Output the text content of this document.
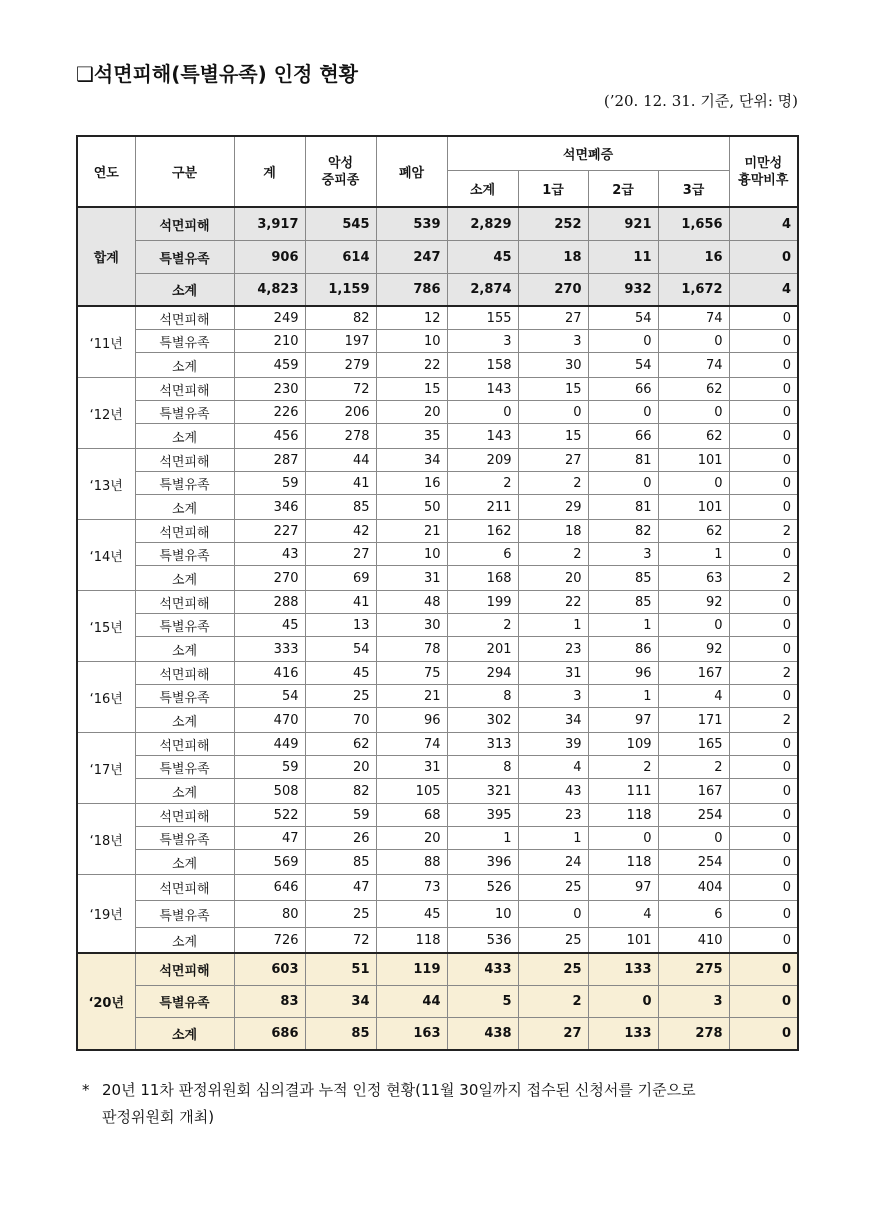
❑석면피해(특별유족) 인정 현황
(’20. 12. 31. 기준, 단위: 명)
연도	구분	계	악성
중피종	폐암	석면폐증				미만성
흉막비후
					소계	1급	2급	3급	
합계	석면피해	3,917	545	539	2,829	252	921	1,656	4
	특별유족	906	614	247	45	18	11	16	0
	소계	4,823	1,159	786	2,874	270	932	1,672	4
‘11년	석면피해	249	82	12	155	27	54	74	0
	특별유족	210	197	10	3	3	0	0	0
	소계	459	279	22	158	30	54	74	0
‘12년	석면피해	230	72	15	143	15	66	62	0
	특별유족	226	206	20	0	0	0	0	0
	소계	456	278	35	143	15	66	62	0
‘13년	석면피해	287	44	34	209	27	81	101	0
	특별유족	59	41	16	2	2	0	0	0
	소계	346	85	50	211	29	81	101	0
‘14년	석면피해	227	42	21	162	18	82	62	2
	특별유족	43	27	10	6	2	3	1	0
	소계	270	69	31	168	20	85	63	2
‘15년	석면피해	288	41	48	199	22	85	92	0
	특별유족	45	13	30	2	1	1	0	0
	소계	333	54	78	201	23	86	92	0
‘16년	석면피해	416	45	75	294	31	96	167	2
	특별유족	54	25	21	8	3	1	4	0
	소계	470	70	96	302	34	97	171	2
‘17년	석면피해	449	62	74	313	39	109	165	0
	특별유족	59	20	31	8	4	2	2	0
	소계	508	82	105	321	43	111	167	0
‘18년	석면피해	522	59	68	395	23	118	254	0
	특별유족	47	26	20	1	1	0	0	0
	소계	569	85	88	396	24	118	254	0
‘19년	석면피해	646	47	73	526	25	97	404	0
	특별유족	80	25	45	10	0	4	6	0
	소계	726	72	118	536	25	101	410	0
‘20년	석면피해	603	51	119	433	25	133	275	0
	특별유족	83	34	44	5	2	0	3	0
	소계	686	85	163	438	27	133	278	0
* 20년 11차 판정위원회 심의결과 누적 인정 현황(11월 30일까지 접수된 신청서를 기준으로
판정위원회 개최)
